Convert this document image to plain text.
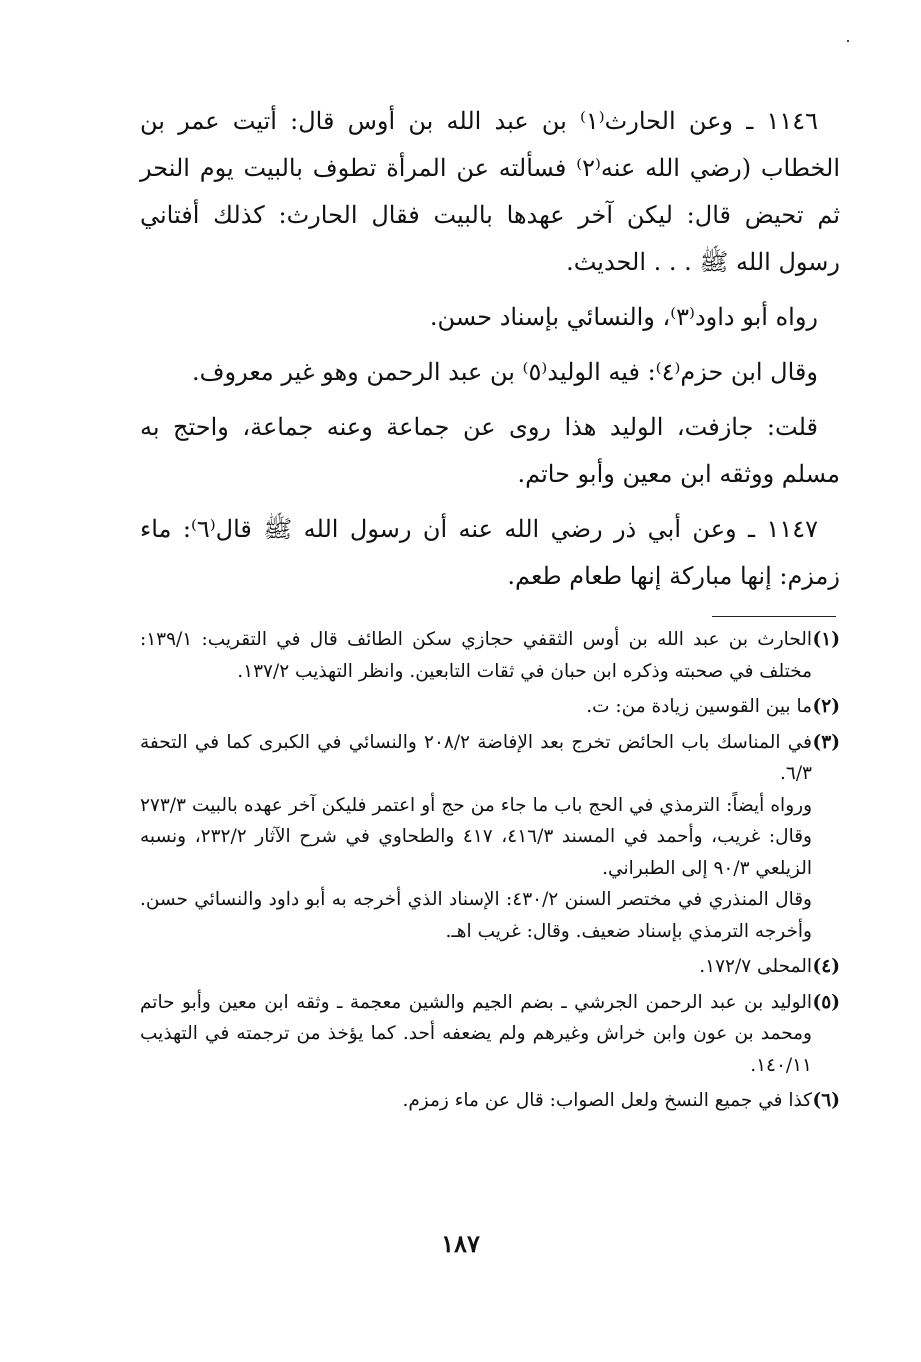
١١٤٦ ـ وعن الحارث⁽١⁾ بن عبد الله بن أوس قال: أتيت عمر بن الخطاب (رضي الله عنه⁽٢⁾ فسألته عن المرأة تطوف بالبيت يوم النحر ثم تحيض قال: ليكن آخر عهدها بالبيت فقال الحارث: كذلك أفتاني رسول الله ﷺ . . . الحديث.

رواه أبو داود⁽٣⁾، والنسائي بإسناد حسن.

وقال ابن حزم⁽٤⁾: فيه الوليد⁽٥⁾ بن عبد الرحمن وهو غير معروف.

قلت: جازفت، الوليد هذا روى عن جماعة وعنه جماعة، واحتج به مسلم ووثقه ابن معين وأبو حاتم.

١١٤٧ ـ وعن أبي ذر رضي الله عنه أن رسول الله ﷺ قال⁽٦⁾: ماء زمزم: إنها مباركة إنها طعام طعم.

(١)
الحارث بن عبد الله بن أوس الثقفي حجازي سكن الطائف قال في التقريب: ١٣٩/١: مختلف في صحبته وذكره ابن حبان في ثقات التابعين. وانظر التهذيب ١٣٧/٢.
(٢)
ما بين القوسين زيادة من: ت.
(٣)
في المناسك باب الحائض تخرج بعد الإفاضة ٢٠٨/٢ والنسائي في الكبرى كما في التحفة ٦/٣.
ورواه أيضاً: الترمذي في الحج باب ما جاء من حج أو اعتمر فليكن آخر عهده بالبيت ٢٧٣/٣ وقال: غريب، وأحمد في المسند ٤١٦/٣، ٤١٧ والطحاوي في شرح الآثار ٢٣٢/٢، ونسبه الزيلعي ٩٠/٣ إلى الطبراني.
وقال المنذري في مختصر السنن ٤٣٠/٢: الإسناد الذي أخرجه به أبو داود والنسائي حسن. وأخرجه الترمذي بإسناد ضعيف. وقال: غريب اهـ.
(٤)
المحلى ١٧٢/٧.
(٥)
الوليد بن عبد الرحمن الجرشي ـ بضم الجيم والشين معجمة ـ وثقه ابن معين وأبو حاتم ومحمد بن عون وابن خراش وغيرهم ولم يضعفه أحد. كما يؤخذ من ترجمته في التهذيب ١٤٠/١١.
(٦)
كذا في جميع النسخ ولعل الصواب: قال عن ماء زمزم.
١٨٧
